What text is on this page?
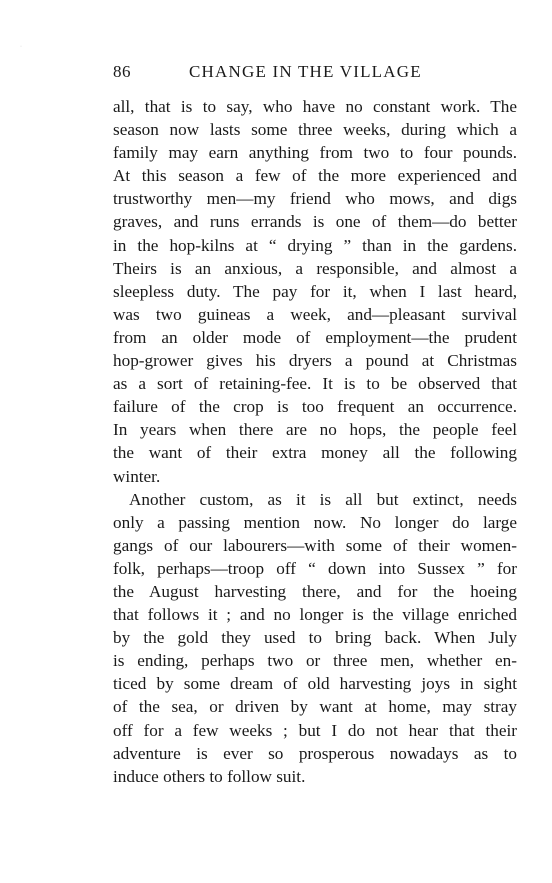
·
86	CHANGE IN THE VILLAGE
all, that is to say, who have no constant work. The
season now lasts some three weeks, during which a
family may earn anything from two to four pounds.
At this season a few of the more experienced and
trustworthy men—my friend who mows, and digs
graves, and runs errands is one of them—do better
in the hop-kilns at “ drying ” than in the gardens.
Theirs is an anxious, a responsible, and almost a
sleepless duty. The pay for it, when I last heard,
was two guineas a week, and—pleasant survival
from an older mode of employment—the prudent
hop-grower gives his dryers a pound at Christmas
as a sort of retaining-fee. It is to be observed that
failure of the crop is too frequent an occurrence.
In years when there are no hops, the people feel
the want of their extra money all the following
winter.
Another custom, as it is all but extinct, needs
only a passing mention now. No longer do large
gangs of our labourers—with some of their women-
folk, perhaps—troop off “ down into Sussex ” for
the August harvesting there, and for the hoeing
that follows it ; and no longer is the village enriched
by the gold they used to bring back. When July
is ending, perhaps two or three men, whether en-
ticed by some dream of old harvesting joys in sight
of the sea, or driven by want at home, may stray
off for a few weeks ; but I do not hear that their
adventure is ever so prosperous nowadays as to
induce others to follow suit.
